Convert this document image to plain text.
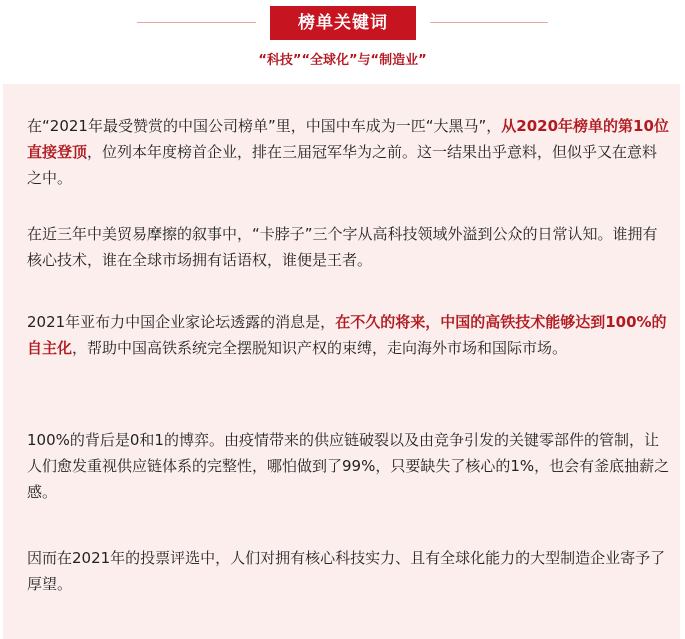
榜单关键词
“科技”“全球化”与“制造业”

在“2021年最受赞赏的中国公司榜单”里，中国中车成为一匹“大黑马”，从2020年榜单的第10位直接登顶，位列本年度榜首企业，排在三届冠军华为之前。这一结果出乎意料，但似乎又在意料之中。

在近三年中美贸易摩擦的叙事中，“卡脖子”三个字从高科技领域外溢到公众的日常认知。谁拥有核心技术，谁在全球市场拥有话语权，谁便是王者。

2021年亚布力中国企业家论坛透露的消息是，在不久的将来，中国的高铁技术能够达到100%的自主化，帮助中国高铁系统完全摆脱知识产权的束缚，走向海外市场和国际市场。

100%的背后是0和1的博弈。由疫情带来的供应链破裂以及由竞争引发的关键零部件的管制，让人们愈发重视供应链体系的完整性，哪怕做到了99%，只要缺失了核心的1%，也会有釜底抽薪之感。

因而在2021年的投票评选中，人们对拥有核心科技实力、且有全球化能力的大型制造企业寄予了厚望。
